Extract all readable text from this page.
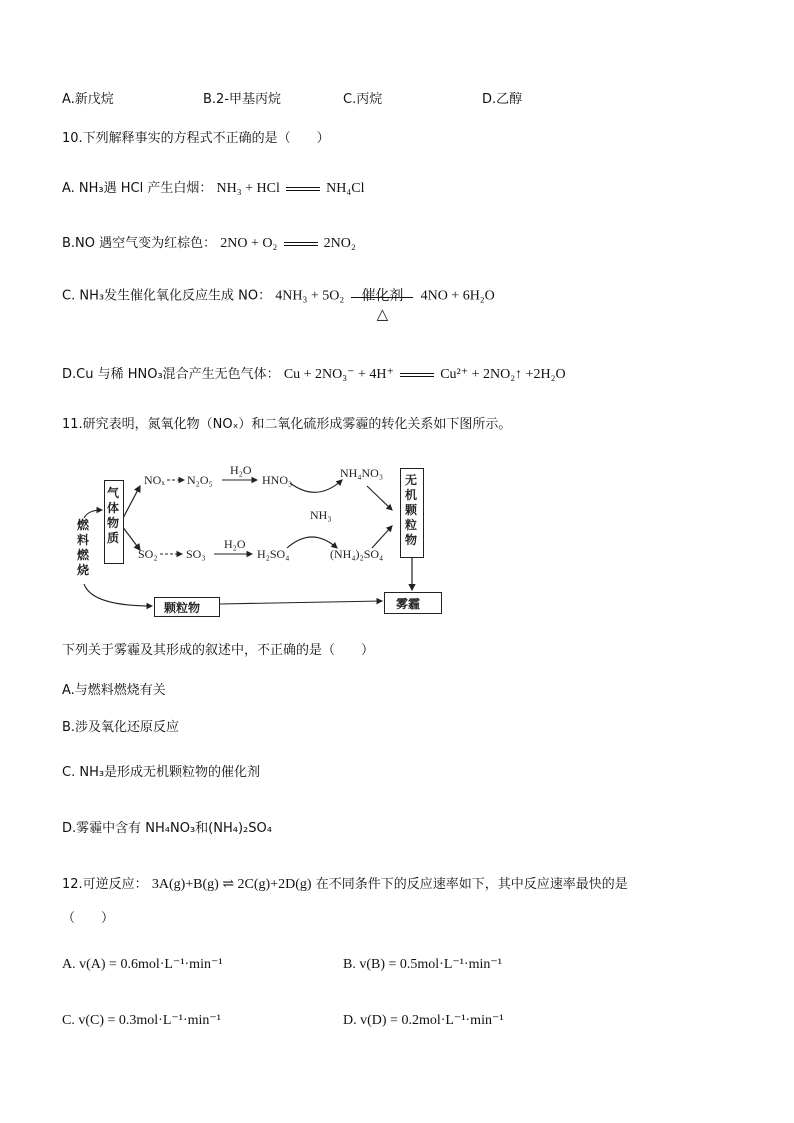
A.新戊烷	B.2-甲基丙烷	C.丙烷	D.乙醇
10.下列解释事实的方程式不正确的是（　　）
A. NH₃遇 HCl 产生白烟： NH₃ + HCl	NH₄Cl
B.NO 遇空气变为红棕色： 2NO + O₂	2NO₂
C. NH₃发生催化氧化反应生成 NO： 4NH₃ + 5O₂	催化剂
△
4NO + 6H₂O
D.Cu 与稀 HNO₃混合产生无色气体： Cu + 2NO₃⁻ + 4H⁺	Cu²⁺ + 2NO₂↑ +2H₂O
11.研究表明，氮氧化物（NOₓ）和二氧化硫形成雾霾的转化关系如下图所示。
气体物质
燃料燃烧
NOₓ N₂O₅
H₂O
HNO₃	NH₄NO₃
NH₃
SO₂ SO₃
H₂O
H₂SO₄	(NH₄)₂SO₄
无机颗粒物
颗粒物	雾霾
下列关于雾霾及其形成的叙述中，不正确的是（　　）
A.与燃料燃烧有关
B.涉及氧化还原反应
C. NH₃是形成无机颗粒物的催化剂
D.雾霾中含有 NH₄NO₃和(NH₄)₂SO₄
12.可逆反应： 3A(g)+B(g) ⇌ 2C(g)+2D(g) 在不同条件下的反应速率如下，其中反应速率最快的是
（　　）
A. v(A) = 0.6mol·L⁻¹·min⁻¹	B. v(B) = 0.5mol·L⁻¹·min⁻¹
C. v(C) = 0.3mol·L⁻¹·min⁻¹	D. v(D) = 0.2mol·L⁻¹·min⁻¹
